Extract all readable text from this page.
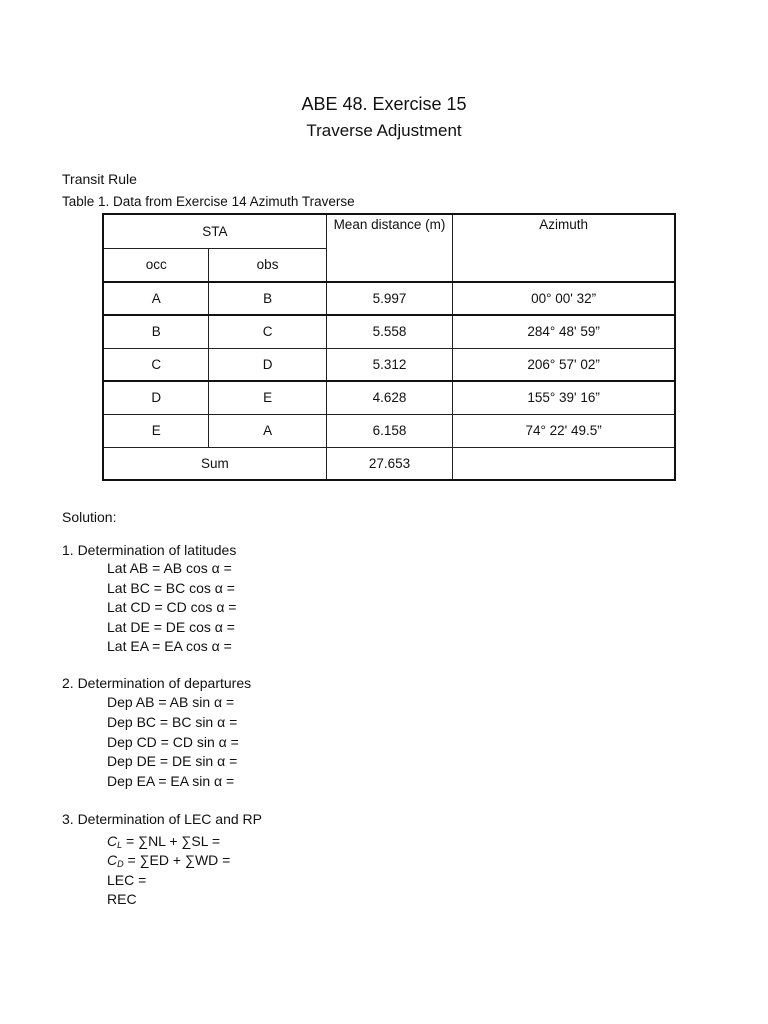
ABE 48. Exercise 15
Traverse Adjustment
Transit Rule
Table 1. Data from Exercise 14 Azimuth Traverse
STA		Mean distance (m)	Azimuth
occ	obs		
A	B	5.997	00° 00' 32”
B	C	5.558	284° 48' 59”
C	D	5.312	206° 57' 02”
D	E	4.628	155° 39' 16”
E	A	6.158	74° 22' 49.5”
Sum		27.653	
Solution:
1. Determination of latitudes
Lat AB = AB cos α =
Lat BC = BC cos α =
Lat CD = CD cos α =
Lat DE = DE cos α =
Lat EA = EA cos α =
2. Determination of departures
Dep AB = AB sin α =
Dep BC = BC sin α =
Dep CD = CD sin α =
Dep DE = DE sin α =
Dep EA = EA sin α =
3. Determination of LEC and RP
$C_L = \sum NL + \sum SL$ =
$C_D = \sum ED + \sum WD$ =
LEC =
REC
